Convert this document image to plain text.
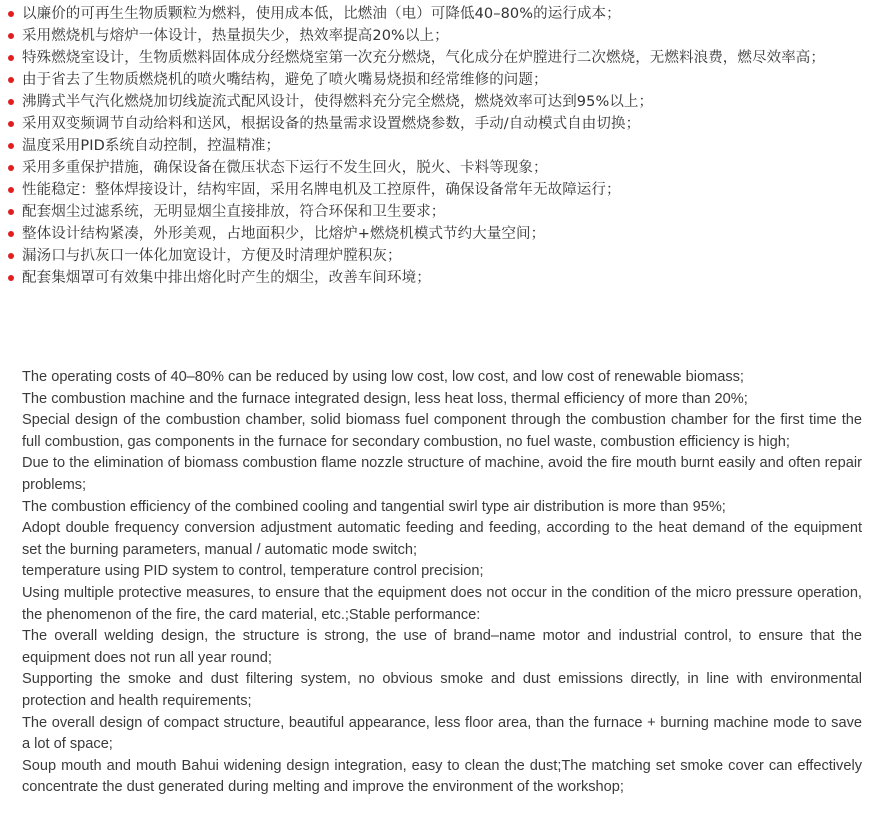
以廉价的可再生生物质颗粒为燃料，使用成本低，比燃油（电）可降低40–80%的运行成本；
采用燃烧机与熔炉一体设计，热量损失少，热效率提高20%以上；
特殊燃烧室设计，生物质燃料固体成分经燃烧室第一次充分燃烧，气化成分在炉膛进行二次燃烧，无燃料浪费，燃尽效率高；
由于省去了生物质燃烧机的喷火嘴结构，避免了喷火嘴易烧损和经常维修的问题；
沸腾式半气汽化燃烧加切线旋流式配风设计，使得燃料充分完全燃烧，燃烧效率可达到95%以上；
采用双变频调节自动给料和送风，根据设备的热量需求设置燃烧参数，手动/自动模式自由切换；
温度采用PID系统自动控制，控温精准；
采用多重保护措施，确保设备在微压状态下运行不发生回火，脱火、卡料等现象；
性能稳定：整体焊接设计，结构牢固，采用名牌电机及工控原件，确保设备常年无故障运行；
配套烟尘过滤系统，无明显烟尘直接排放，符合环保和卫生要求；
整体设计结构紧凑，外形美观，占地面积少，比熔炉+燃烧机模式节约大量空间；
漏汤口与扒灰口一体化加宽设计，方便及时清理炉膛积灰；
配套集烟罩可有效集中排出熔化时产生的烟尘，改善车间环境；

The operating costs of 40–80% can be reduced by using low cost, low cost, and low cost of renewable biomass;

The combustion machine and the furnace integrated design, less heat loss, thermal efficiency of more than 20%;

Special design of the combustion chamber, solid biomass fuel component through the combustion chamber for the first time the full combustion, gas components in the furnace for secondary combustion, no fuel waste, combustion efficiency is high;

Due to the elimination of biomass combustion flame nozzle structure of machine, avoid the fire mouth burnt easily and often repair problems;

The combustion efficiency of the combined cooling and tangential swirl type air distribution is more than 95%;

Adopt double frequency conversion adjustment automatic feeding and feeding, according to the heat demand of the equipment set the burning parameters, manual / automatic mode switch;

temperature using PID system to control, temperature control precision;

Using multiple protective measures, to ensure that the equipment does not occur in the condition of the micro pressure operation, the phenomenon of the fire, the card material, etc.;Stable performance:

The overall welding design, the structure is strong, the use of brand–name motor and industrial control, to ensure that the equipment does not run all year round;

Supporting the smoke and dust filtering system, no obvious smoke and dust emissions directly, in line with environmental protection and health requirements;

The overall design of compact structure, beautiful appearance, less floor area, than the furnace + burning machine mode to save a lot of space;

Soup mouth and mouth Bahui widening design integration, easy to clean the dust;The matching set smoke cover can effectively concentrate the dust generated during melting and improve the environment of the workshop;
